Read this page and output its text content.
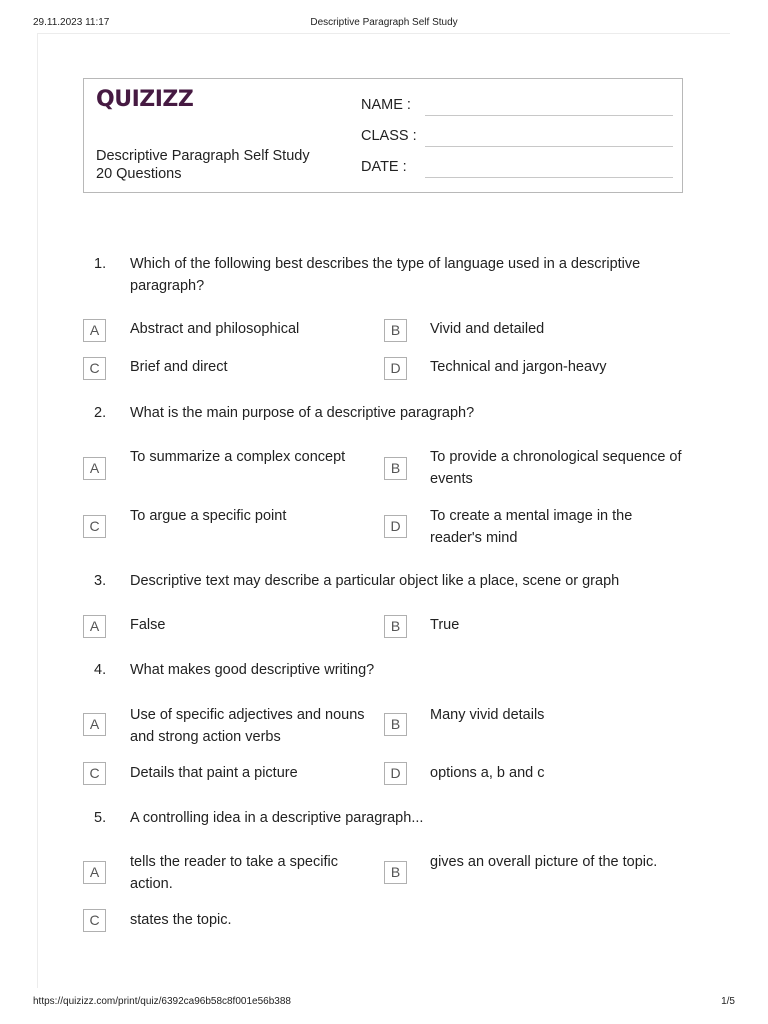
29.11.2023 11:17	Descriptive Paragraph Self Study
QUIZIZZ
Descriptive Paragraph Self Study
20 Questions
NAME :
CLASS :
DATE :
1. Which of the following best describes the type of language used in a descriptive paragraph?
A	Abstract and philosophical	B	Vivid and detailed
C	Brief and direct	D	Technical and jargon-heavy
2. What is the main purpose of a descriptive paragraph?
A
To summarize a complex concept
B
To provide a chronological sequence of events
C
To argue a specific point
D
To create a mental image in the reader's mind
3. Descriptive text may describe a particular object like a place, scene or graph
A	False	B	True
4. What makes good descriptive writing?
A
Use of specific adjectives and nouns and strong action verbs
B
Many vivid details
C	Details that paint a picture	D	options a, b and c
5. A controlling idea in a descriptive paragraph...
A
tells the reader to take a specific action.
B
gives an overall picture of the topic.
C	states the topic.
https://quizizz.com/print/quiz/6392ca96b58c8f001e56b388	1/5
